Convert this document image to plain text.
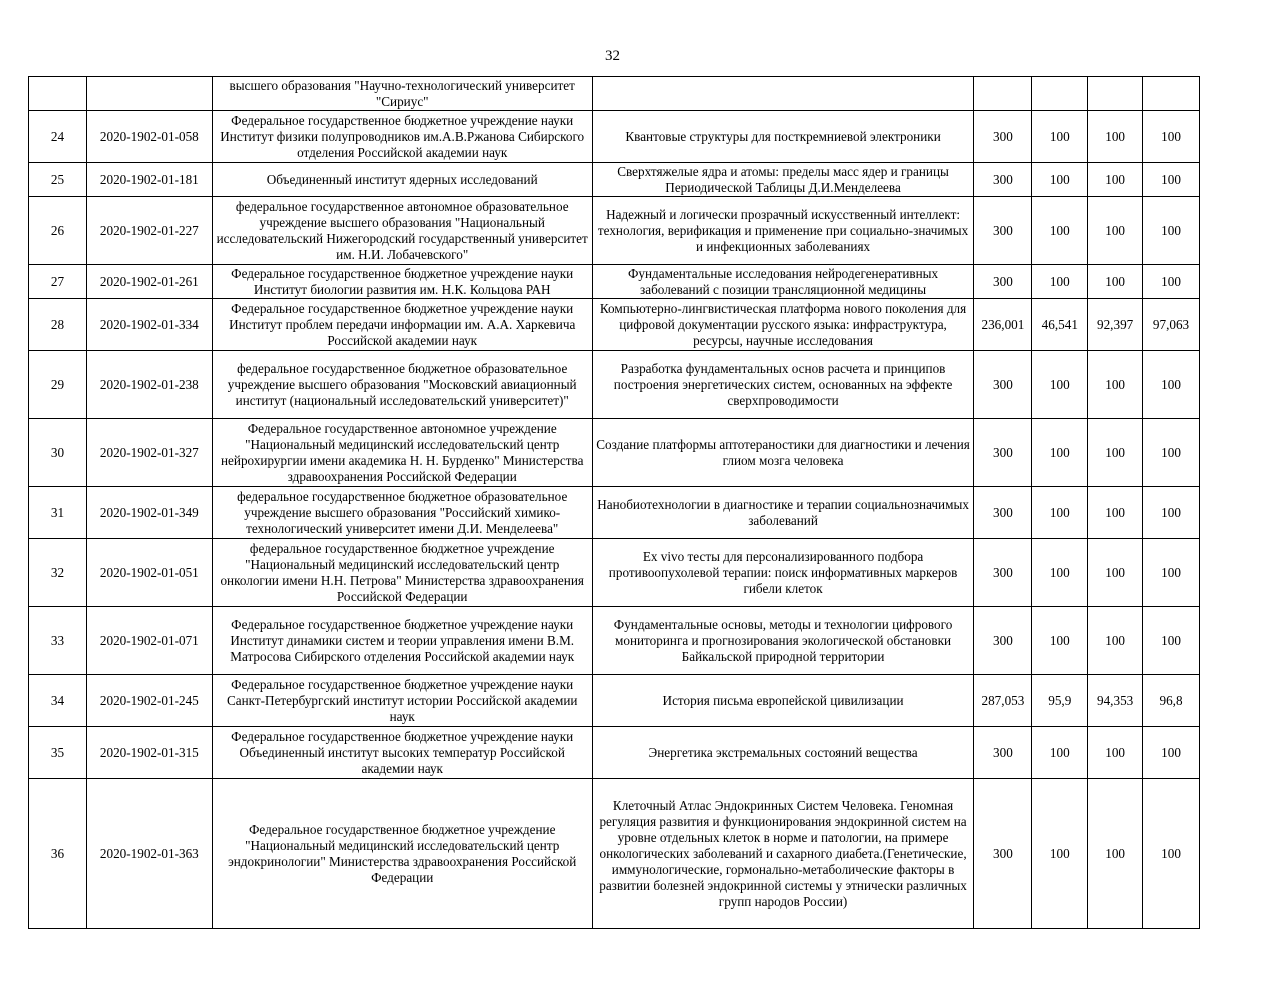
32
		высшего образования "Научно-технологический университет "Сириус"					
24	2020-1902-01-058	Федеральное государственное бюджетное учреждение науки Институт физики полупроводников им.А.В.Ржанова Сибирского отделения Российской академии наук	Квантовые структуры для посткремниевой электроники	300	100	100	100
25	2020-1902-01-181	Объединенный институт ядерных исследований	Сверхтяжелые ядра и атомы: пределы масс ядер и границы Периодической Таблицы Д.И.Менделеева	300	100	100	100
26	2020-1902-01-227	федеральное государственное автономное образовательное учреждение высшего образования "Национальный исследовательский Нижегородский государственный университет им. Н.И. Лобачевского"	Надежный и логически прозрачный искусственный интеллект: технология, верификация и применение при социально-значимых и инфекционных заболеваниях	300	100	100	100
27	2020-1902-01-261	Федеральное государственное бюджетное учреждение науки Институт биологии развития им. Н.К. Кольцова РАН	Фундаментальные исследования нейродегенеративных заболеваний с позиции трансляционной медицины	300	100	100	100
28	2020-1902-01-334	Федеральное государственное бюджетное учреждение науки Институт проблем передачи информации им. А.А. Харкевича Российской академии наук	Компьютерно-лингвистическая платформа нового поколения для цифровой документации русского языка: инфраструктура, ресурсы, научные исследования	236,001	46,541	92,397	97,063
29	2020-1902-01-238	федеральное государственное бюджетное образовательное учреждение высшего образования "Московский авиационный институт (национальный исследовательский университет)"	Разработка фундаментальных основ расчета и принципов построения энергетических систем, основанных на эффекте сверхпроводимости	300	100	100	100
30	2020-1902-01-327	Федеральное государственное автономное учреждение "Национальный медицинский исследовательский центр нейрохирургии имени академика Н. Н. Бурденко" Министерства здравоохранения Российской Федерации	Создание платформы аптотераностики для диагностики и лечения глиом мозга человека	300	100	100	100
31	2020-1902-01-349	федеральное государственное бюджетное образовательное учреждение высшего образования "Российский химико-технологический университет имени Д.И. Менделеева"	Нанобиотехнологии в диагностике и терапии социальнозначимых заболеваний	300	100	100	100
32	2020-1902-01-051	федеральное государственное бюджетное учреждение "Национальный медицинский исследовательский центр онкологии имени Н.Н. Петрова" Министерства здравоохранения Российской Федерации	Ex vivo тесты для персонализированного подбора противоопухолевой терапии: поиск информативных маркеров гибели клеток	300	100	100	100
33	2020-1902-01-071	Федеральное государственное бюджетное учреждение науки Институт динамики систем и теории управления имени В.М. Матросова Сибирского отделения Российской академии наук	Фундаментальные основы, методы и технологии цифрового мониторинга и прогнозирования экологической обстановки Байкальской природной территории	300	100	100	100
34	2020-1902-01-245	Федеральное государственное бюджетное учреждение науки Санкт-Петербургский институт истории Российской академии наук	История письма европейской цивилизации	287,053	95,9	94,353	96,8
35	2020-1902-01-315	Федеральное государственное бюджетное учреждение науки Объединенный институт высоких температур Российской академии наук	Энергетика экстремальных состояний вещества	300	100	100	100
36	2020-1902-01-363	Федеральное государственное бюджетное учреждение "Национальный медицинский исследовательский центр эндокринологии" Министерства здравоохранения Российской Федерации	Клеточный Атлас Эндокринных Систем Человека. Геномная регуляция развития и функционирования эндокринной систем на уровне отдельных клеток в норме и патологии, на примере онкологических заболеваний и сахарного диабета.(Генетические, иммунологические, гормонально-метаболические факторы в развитии болезней эндокринной системы у этнически различных групп народов России)	300	100	100	100
